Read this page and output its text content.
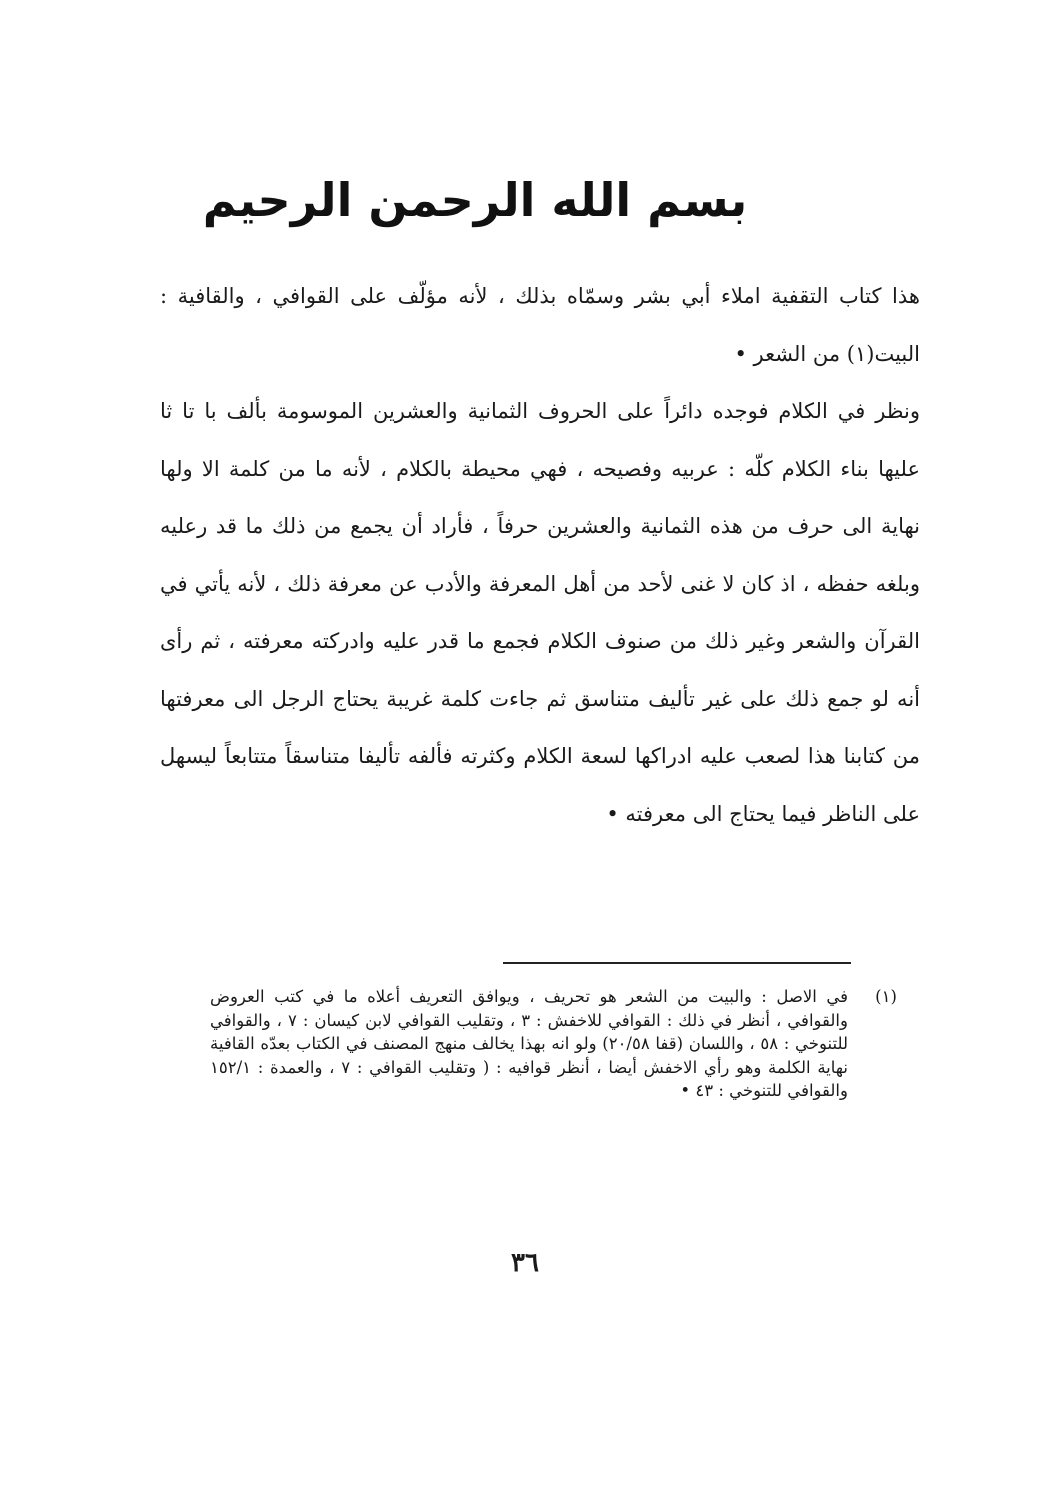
بسم الله الرحمن الرحيم

هذا كتاب التقفية املاء أبي بشر وسمّاه بذلك ، لأنه مؤلّف على القوافي ، والقافية : البيت(١) من الشعر •

ونظر في الكلام فوجده دائراً على الحروف الثمانية والعشرين الموسومة بألف با تا ثا عليها بناء الكلام كلّه : عربيه وفصيحه ، فهي محيطة بالكلام ، لأنه ما من كلمة الا ولها نهاية الى حرف من هذه الثمانية والعشرين حرفاً ، فأراد أن يجمع من ذلك ما قد رعليه وبلغه حفظه ، اذ كان لا غنى لأحد من أهل المعرفة والأدب عن معرفة ذلك ، لأنه يأتي في القرآن والشعر وغير ذلك من صنوف الكلام فجمع ما قدر عليه وادركته معرفته ، ثم رأى أنه لو جمع ذلك على غير تأليف متناسق ثم جاءت كلمة غريبة يحتاج الرجل الى معرفتها من كتابنا هذا لصعب عليه ادراكها لسعة الكلام وكثرته فألفه تأليفا متناسقاً متتابعاً ليسهل على الناظر فيما يحتاج الى معرفته •

(١)
في الاصل : والبيت من الشعر هو تحريف ، ويوافق التعريف أعلاه ما في كتب العروض والقوافي ، أنظر في ذلك : القوافي للاخفش : ٣ ، وتقليب القوافي لابن كيسان : ٧ ، والقوافي للتنوخي : ٥٨ ، واللسان (قفا ٢٠/٥٨) ولو انه بهذا يخالف منهج المصنف في الكتاب بعدّه القافية نهاية الكلمة وهو رأي الاخفش أيضا ، أنظر قوافيه : ( وتقليب القوافي : ٧ ، والعمدة : ١٥٢/١ والقوافي للتنوخي : ٤٣ •
٣٦
